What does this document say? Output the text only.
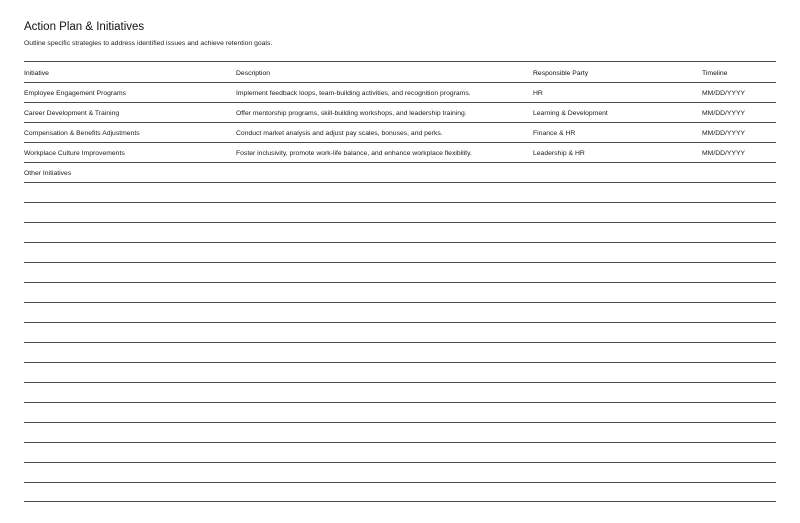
Action Plan & Initiatives
Outline specific strategies to address identified issues and achieve retention goals.
Initiative	Description	Responsible Party	Timeline
Employee Engagement Programs	Implement feedback loops, team-building activities, and recognition programs.	HR	MM/DD/YYYY
Career Development & Training	Offer mentorship programs, skill-building workshops, and leadership training.	Learning & Development	MM/DD/YYYY
Compensation & Benefits Adjustments	Conduct market analysis and adjust pay scales, bonuses, and perks.	Finance & HR	MM/DD/YYYY
Workplace Culture Improvements	Foster inclusivity, promote work-life balance, and enhance workplace flexibility.	Leadership & HR	MM/DD/YYYY
Other Initiatives
